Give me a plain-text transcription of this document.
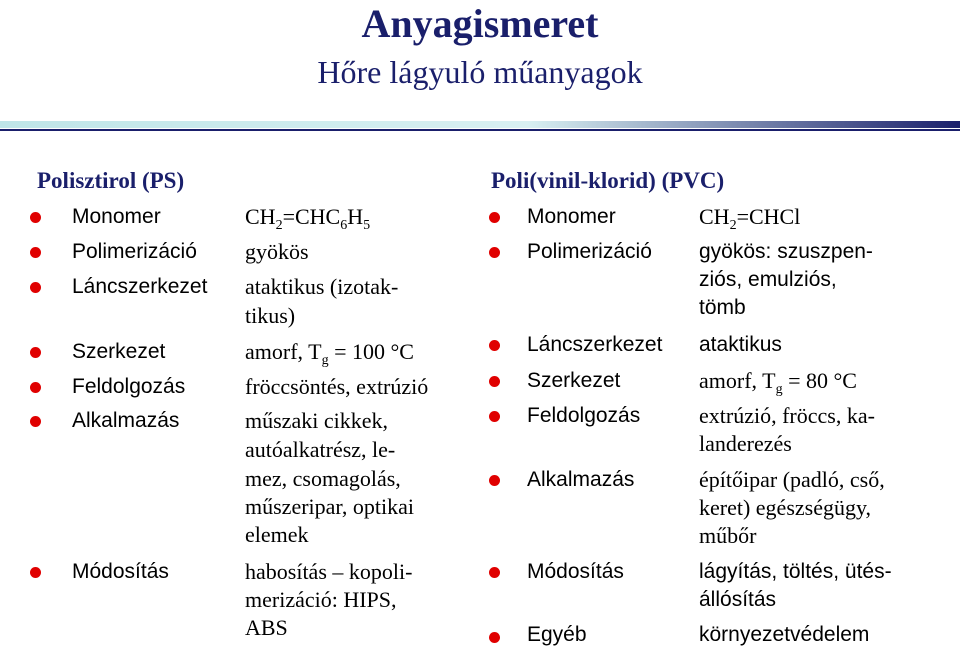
Anyagismeret
Hőre lágyuló műanyagok
Polisztirol (PS)
Monomer	$CH_2=CHC_6H_5$
Polimerizáció gyökös
Láncszerkezet ataktikus (izotak-
tikus)
Szerkezet	amorf, $T_g = 100$ °C
Feldolgozás	fröccsöntés, extrúzió
Alkalmazás	műszaki cikkek,
autóalkatrész, le-
mez, csomagolás,
műszeripar, optikai
elemek
Módosítás	habosítás – kopoli-
merizáció: HIPS,
ABS
Poli(vinil-klorid) (PVC)
Monomer	$CH_2=CHCl$
Polimerizáció gyökös: szuszpen-
ziós, emulziós,
tömb
Láncszerkezet ataktikus
Szerkezet	amorf, $T_g = 80$ °C
Feldolgozás	extrúzió, fröccs, ka-
landerezés
Alkalmazás	építőipar (padló, cső,
keret) egészségügy,
műbőr
Módosítás	lágyítás, töltés, ütés-
állósítás
Egyéb	környezetvédelem
